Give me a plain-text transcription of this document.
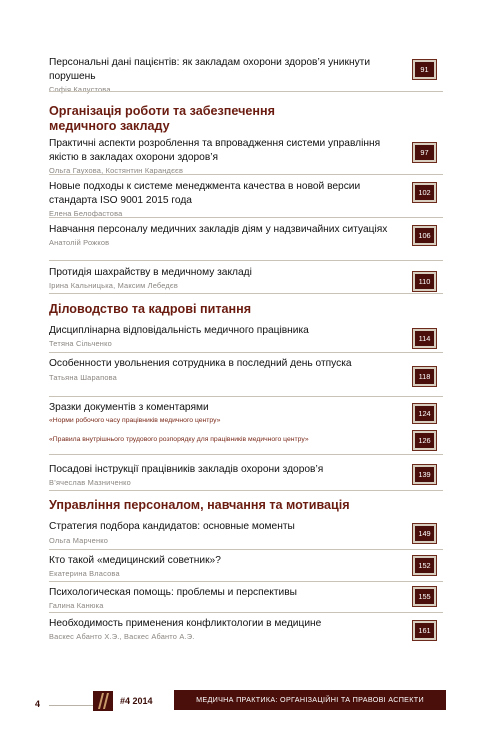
Персональні дані пацієнтів: як закладам охорони здоров’я уникнути порушень
Софія Калустова
91
Організація роботи та забезпечення
медичного закладу
Практичні аспекти розроблення та впровадження системи управління якістю в закладах охорони здоров’я
Ольга Гаухова, Костянтин Карандєєв
97
Новые подходы к системе менеджмента качества в новой версии стандарта ISO 9001 2015 года
Елена Белофастова
102
Навчання персоналу медичних закладів діям у надзвичайних ситуаціях
Анатолій Рожков
106
Протидія шахрайству в медичному закладі
Ірина Кальницька, Максим Лебедєв	110
Діловодство та кадрові питання
Дисциплінарна відповідальність медичного працівника
Тетяна Сільченко
114
Особенности увольнения сотрудника в последний день отпуска
Татьяна Шарапова	118
Зразки документів з коментарями
«Норми робочого часу працівників медичного центру»
124
«Правила внутрішнього трудового розпорядку для працівників медичного центру»	126
Посадові інструкції працівників закладів охорони здоров’я
В’ячеслав Мазниченко
139
Управління персоналом, навчання та мотивація
Стратегия подбора кандидатов: основные моменты
Ольга Марченко
149
Кто такой «медицинский советник»?
Екатерина Власова
152
Психологическая помощь: проблемы и перспективы
Галина Канюка
155
Необходимость применения конфликтологии в медицине
Васкес Абанто Х.Э., Васкес Абанто А.Э.
161
4	#4 2014	МЕДИЧНА ПРАКТИКА: ОРГАНІЗАЦІЙНІ ТА ПРАВОВІ АСПЕКТИ
